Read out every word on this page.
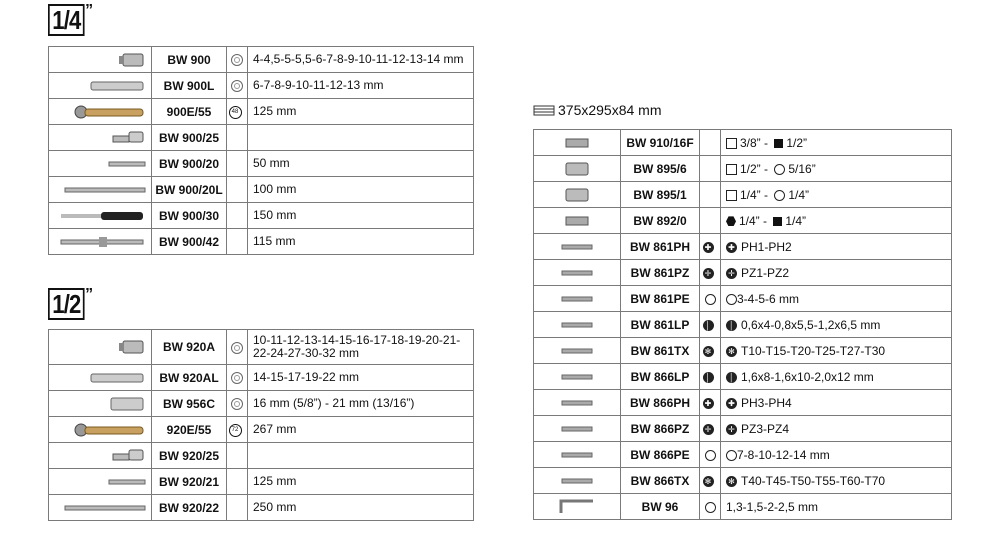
1/4 ”
	BW 900		4-4,5-5-5,5-6-7-8-9-10-11-12-13-14 mm
	BW 900L		6-7-8-9-10-11-12-13 mm
	900E/55	48	125 mm
	BW 900/25		
	BW 900/20		50 mm
	BW 900/20L		100 mm
	BW 900/30		150 mm
	BW 900/42		115 mm
1/2 ”
	BW 920A		10-11-12-13-14-15-16-17-18-19-20-21-22-24-27-30-32 mm
	BW 920AL		14-15-17-19-22 mm
	BW 956C		16 mm (5/8”) - 21 mm (13/16”)
	920E/55	72	267 mm
	BW 920/25		
	BW 920/21		125 mm
	BW 920/22		250 mm
375x295x84 mm
	BW 910/16F		3/8” - 1/2”
	BW 895/6		1/2” - 5/16”
	BW 895/1		1/4” - 1/4”
	BW 892/0		1/4” - 1/4”
	BW 861PH	✚	✚ PH1-PH2
	BW 861PZ	✛	✛ PZ1-PZ2
	BW 861PE		3-4-5-6 mm
	BW 861LP	│	│ 0,6x4-0,8x5,5-1,2x6,5 mm
	BW 861TX	✻	✻ T10-T15-T20-T25-T27-T30
	BW 866LP	│	│ 1,6x8-1,6x10-2,0x12 mm
	BW 866PH	✚	✚ PH3-PH4
	BW 866PZ	✛	✛ PZ3-PZ4
	BW 866PE		7-8-10-12-14 mm
	BW 866TX	✻	✻ T40-T45-T50-T55-T60-T70
	BW 96		1,3-1,5-2-2,5 mm
